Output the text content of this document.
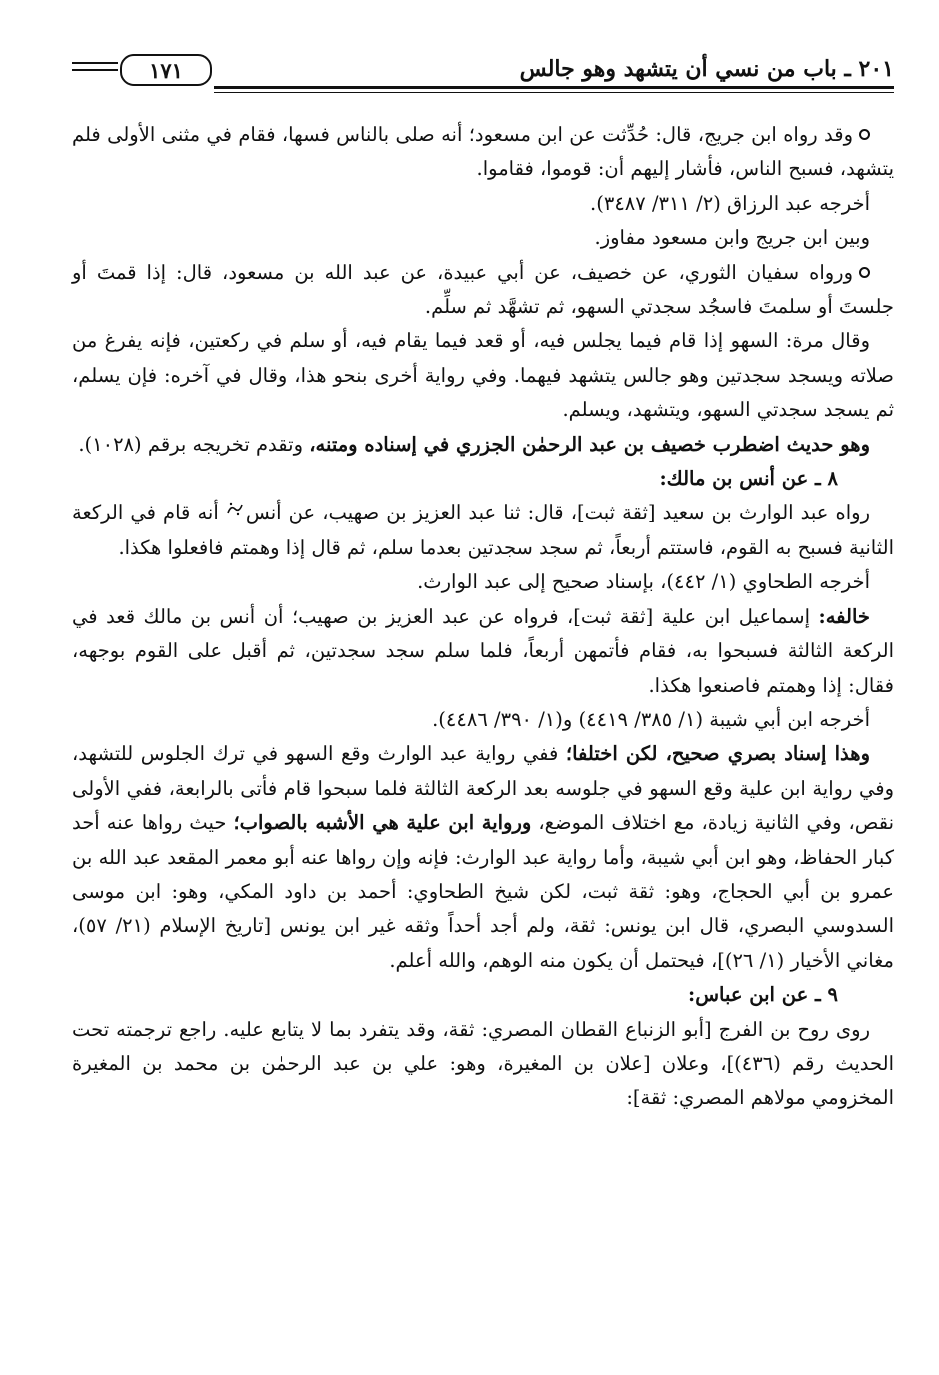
٢٠١ ـ باب من نسي أن يتشهد وهو جالس
١٧١

وقد رواه ابن جريج، قال: حُدِّثت عن ابن مسعود؛ أنه صلى بالناس فسها، فقام في مثنى الأولى فلم يتشهد، فسبح الناس، فأشار إليهم أن: قوموا، فقاموا.

أخرجه عبد الرزاق (٢/ ٣١١/ ٣٤٨٧).

وبين ابن جريج وابن مسعود مفاوز.

ورواه سفيان الثوري، عن خصيف، عن أبي عبيدة، عن عبد الله بن مسعود، قال: إذا قمتَ أو جلستَ أو سلمتَ فاسجُد سجدتي السهو، ثم تشهَّد ثم سلِّم.

وقال مرة: السهو إذا قام فيما يجلس فيه، أو قعد فيما يقام فيه، أو سلم في ركعتين، فإنه يفرغ من صلاته ويسجد سجدتين وهو جالس يتشهد فيهما. وفي رواية أخرى بنحو هذا، وقال في آخره: فإن يسلم، ثم يسجد سجدتي السهو، ويتشهد، ويسلم.

وهو حديث اضطرب خصيف بن عبد الرحمٰن الجزري في إسناده ومتنه، وتقدم تخريجه برقم (١٠٢٨).

٨ ـ عن أنس بن مالك:

رواه عبد الوارث بن سعيد [ثقة ثبت]، قال: ثنا عبد العزيز بن صهيب، عن أنس أنه قام في الركعة الثانية فسبح به القوم، فاستتم أربعاً، ثم سجد سجدتين بعدما سلم، ثم قال إذا وهمتم فافعلوا هكذا.

أخرجه الطحاوي (١/ ٤٤٢)، بإسناد صحيح إلى عبد الوارث.

خالفه: إسماعيل ابن علية [ثقة ثبت]، فرواه عن عبد العزيز بن صهيب؛ أن أنس بن مالك قعد في الركعة الثالثة فسبحوا به، فقام فأتمهن أربعاً، فلما سلم سجد سجدتين، ثم أقبل على القوم بوجهه، فقال: إذا وهمتم فاصنعوا هكذا.

أخرجه ابن أبي شيبة (١/ ٣٨٥/ ٤٤١٩) و(١/ ٣٩٠/ ٤٤٨٦).

وهذا إسناد بصري صحيح، لكن اختلفا؛ ففي رواية عبد الوارث وقع السهو في ترك الجلوس للتشهد، وفي رواية ابن علية وقع السهو في جلوسه بعد الركعة الثالثة فلما سبحوا قام فأتى بالرابعة، ففي الأولى نقص، وفي الثانية زيادة، مع اختلاف الموضع، ورواية ابن علية هي الأشبه بالصواب؛ حيث رواها عنه أحد كبار الحفاظ، وهو ابن أبي شيبة، وأما رواية عبد الوارث: فإنه وإن رواها عنه أبو معمر المقعد عبد الله بن عمرو بن أبي الحجاج، وهو: ثقة ثبت، لكن شيخ الطحاوي: أحمد بن داود المكي، وهو: ابن موسى السدوسي البصري، قال ابن يونس: ثقة، ولم أجد أحداً وثقه غير ابن يونس [تاريخ الإسلام (٢١/ ٥٧)، مغاني الأخيار (١/ ٢٦)]، فيحتمل أن يكون منه الوهم، والله أعلم.

٩ ـ عن ابن عباس:

روى روح بن الفرج [أبو الزنباع القطان المصري: ثقة، وقد يتفرد بما لا يتابع عليه. راجع ترجمته تحت الحديث رقم (٤٣٦)]، وعلان [علان بن المغيرة، وهو: علي بن عبد الرحمٰن بن محمد بن المغيرة المخزومي مولاهم المصري: ثقة]:
